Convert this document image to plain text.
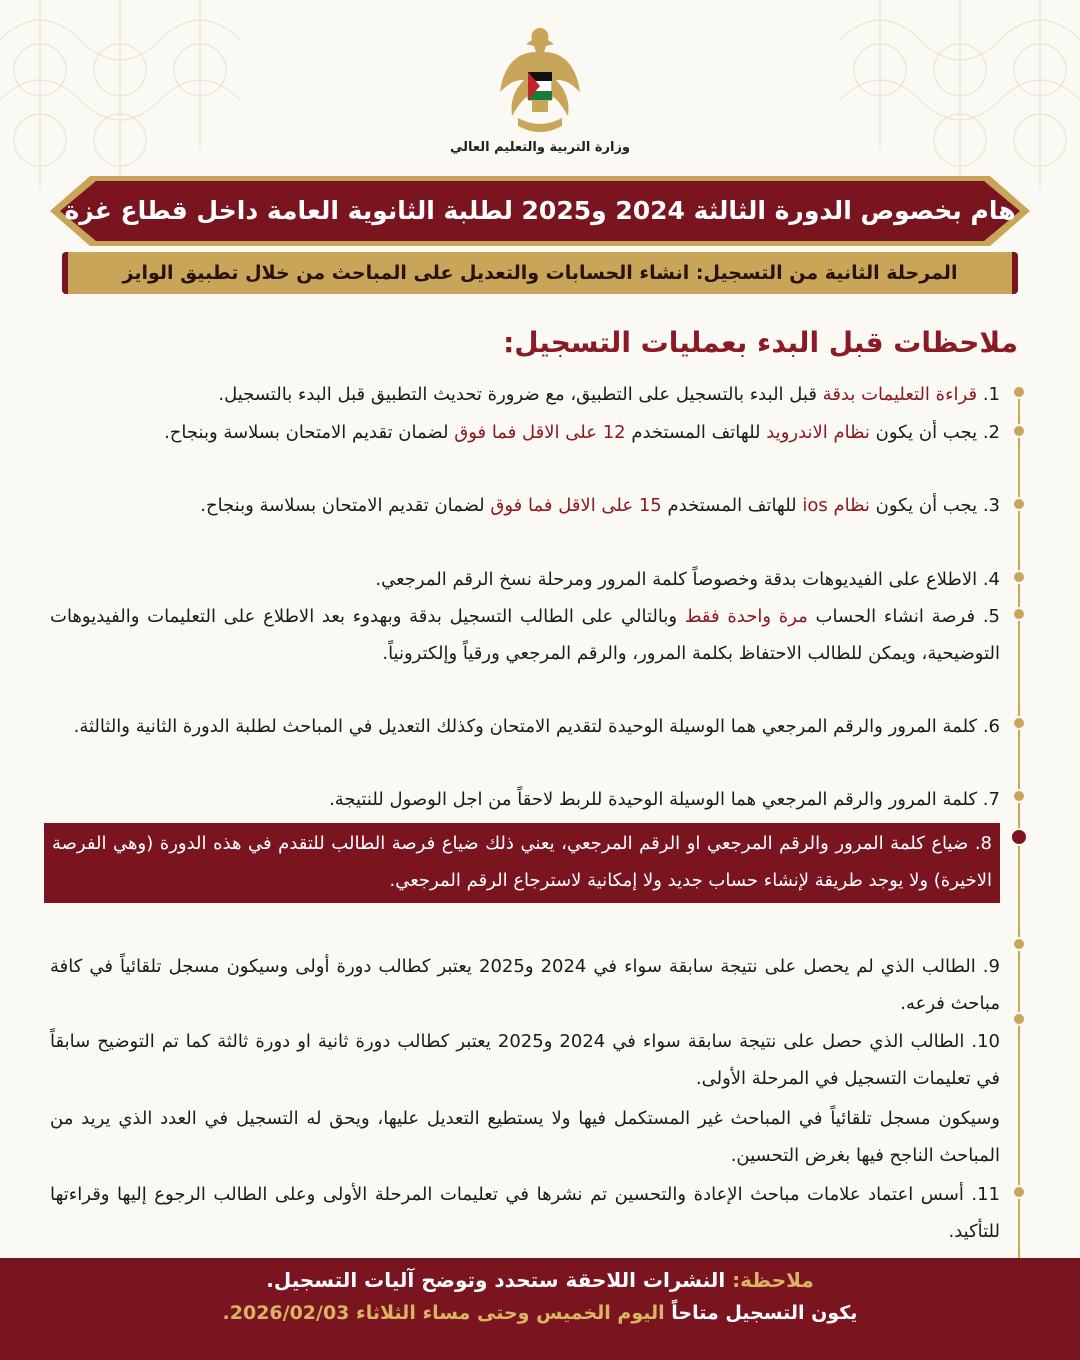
وزارة التربية والتعليم العالي
هام بخصوص الدورة الثالثة 2024 و2025 لطلبة الثانوية العامة داخل قطاع غزة
المرحلة الثانية من التسجيل: انشاء الحسابات والتعديل على المباحث من خلال تطبيق الوايز
ملاحظات قبل البدء بعمليات التسجيل:
1. قراءة التعليمات بدقة قبل البدء بالتسجيل على التطبيق، مع ضرورة تحديث التطبيق قبل البدء بالتسجيل.
2. يجب أن يكون نظام الاندرويد للهاتف المستخدم 12 على الاقل فما فوق لضمان تقديم الامتحان بسلاسة وبنجاح.
3. يجب أن يكون نظام ios للهاتف المستخدم 15 على الاقل فما فوق لضمان تقديم الامتحان بسلاسة وبنجاح.
4. الاطلاع على الفيديوهات بدقة وخصوصاً كلمة المرور ومرحلة نسخ الرقم المرجعي.
5. فرصة انشاء الحساب مرة واحدة فقط وبالتالي على الطالب التسجيل بدقة وبهدوء بعد الاطلاع على التعليمات والفيديوهات التوضيحية، ويمكن للطالب الاحتفاظ بكلمة المرور، والرقم المرجعي ورقياً وإلكترونياً.
6. كلمة المرور والرقم المرجعي هما الوسيلة الوحيدة لتقديم الامتحان وكذلك التعديل في المباحث لطلبة الدورة الثانية والثالثة.
7. كلمة المرور والرقم المرجعي هما الوسيلة الوحيدة للربط لاحقاً من اجل الوصول للنتيجة.
8. ضياع كلمة المرور والرقم المرجعي او الرقم المرجعي، يعني ذلك ضياع فرصة الطالب للتقدم في هذه الدورة (وهي الفرصة الاخيرة) ولا يوجد طريقة لإنشاء حساب جديد ولا إمكانية لاسترجاع الرقم المرجعي.
9. الطالب الذي لم يحصل على نتيجة سابقة سواء في 2024 و2025 يعتبر كطالب دورة أولى وسيكون مسجل تلقائياً في كافة مباحث فرعه.
10. الطالب الذي حصل على نتيجة سابقة سواء في 2024 و2025 يعتبر كطالب دورة ثانية او دورة ثالثة كما تم التوضيح سابقاً في تعليمات التسجيل في المرحلة الأولى.
وسيكون مسجل تلقائياً في المباحث غير المستكمل فيها ولا يستطيع التعديل عليها، ويحق له التسجيل في العدد الذي يريد من المباحث الناجح فيها بغرض التحسين.
11. أسس اعتماد علامات مباحث الإعادة والتحسين تم نشرها في تعليمات المرحلة الأولى وعلى الطالب الرجوع إليها وقراءتها للتأكيد.
ملاحظة: النشرات اللاحقة ستحدد وتوضح آليات التسجيل.
يكون التسجيل متاحاً اليوم الخميس وحتى مساء الثلاثاء 2026/02/03.
